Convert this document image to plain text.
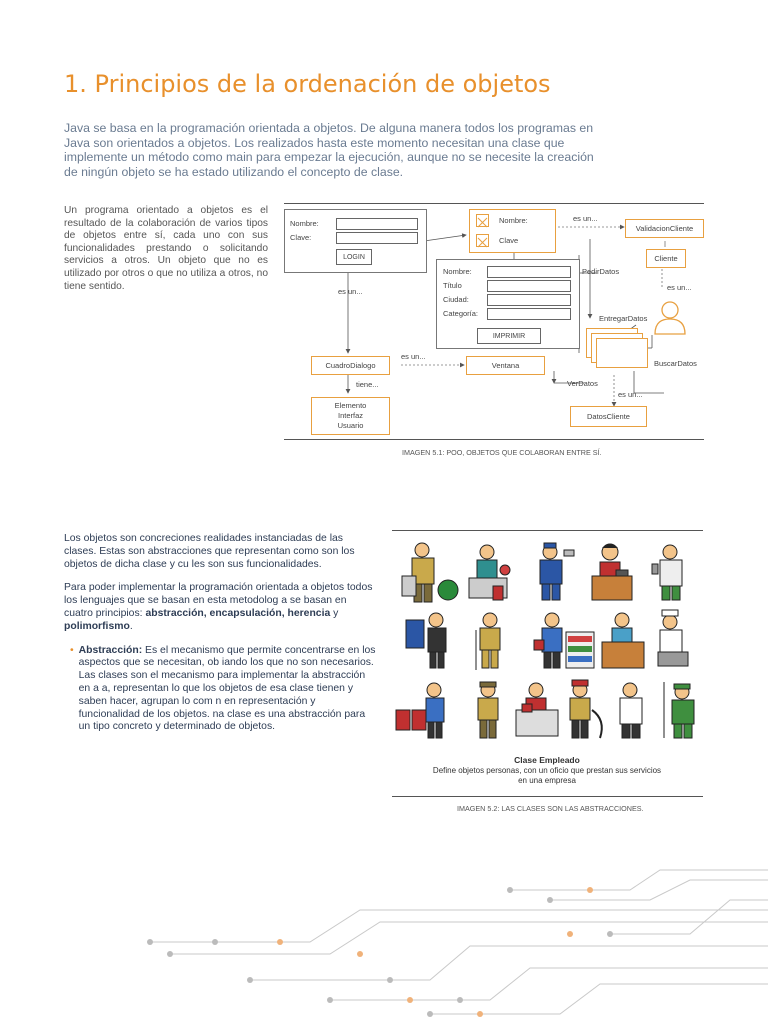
1. Principios de la ordenación de objetos
Java se basa en la programación orientada a objetos. De alguna manera todos los programas en Java son orientados a objetos. Los realizados hasta este momento necesitan una clase que implemente un método como main para empezar la ejecución, aunque no se necesite la creación de ningún objeto se ha estado utilizando el concepto de clase.
Un programa orientado a objetos es el resultado de la colaboración de varios tipos de objetos entre sí, cada uno con sus funcionalidades prestando o solicitando servicios a otros. Un objeto que no es utilizado por otros o que no utiliza a otros, no tiene sentido.
Nombre:
Clave:
LOGIN
Nombre:
Clave
es un...
ValidacionCliente
Cliente
Nombre:
Título
Ciudad:
Categoría:
IMPRIMIR
PedirDatos
es un...	es un...
EntregarDatos
es un...
CuadroDialogo	Ventana	BuscarDatos
tiene...	VerDatos
es un...
Elemento
Interfaz
Usuario
DatosCliente
IMAGEN 5.1: POO, OBJETOS QUE COLABORAN ENTRE SÍ.

Los objetos son concreciones realidades instanciadas de las clases. Estas son abstracciones que representan como son los objetos de dicha clase y cu les son sus funcionalidades.

Para poder implementar la programación orientada a objetos todos los lenguajes que se basan en esta metodolog a se basan en cuatro principios: abstracción, encapsulación, herencia y polimorfismo.

• Abstracción: Es el mecanismo que permite concentrarse en los aspectos que se necesitan, ob iando los que no son necesarios. Las clases son el mecanismo para implementar la abstracción en a a, representan lo que los objetos de esa clase tienen y saben hacer, agrupan lo com n en representación y funcionalidad de los objetos. na clase es una abstracción para un tipo concreto y determinado de objetos.
Clase Empleado
Define objetos personas, con un oficio que prestan sus servicios en una empresa
IMAGEN 5.2: LAS CLASES SON LAS ABSTRACCIONES.
